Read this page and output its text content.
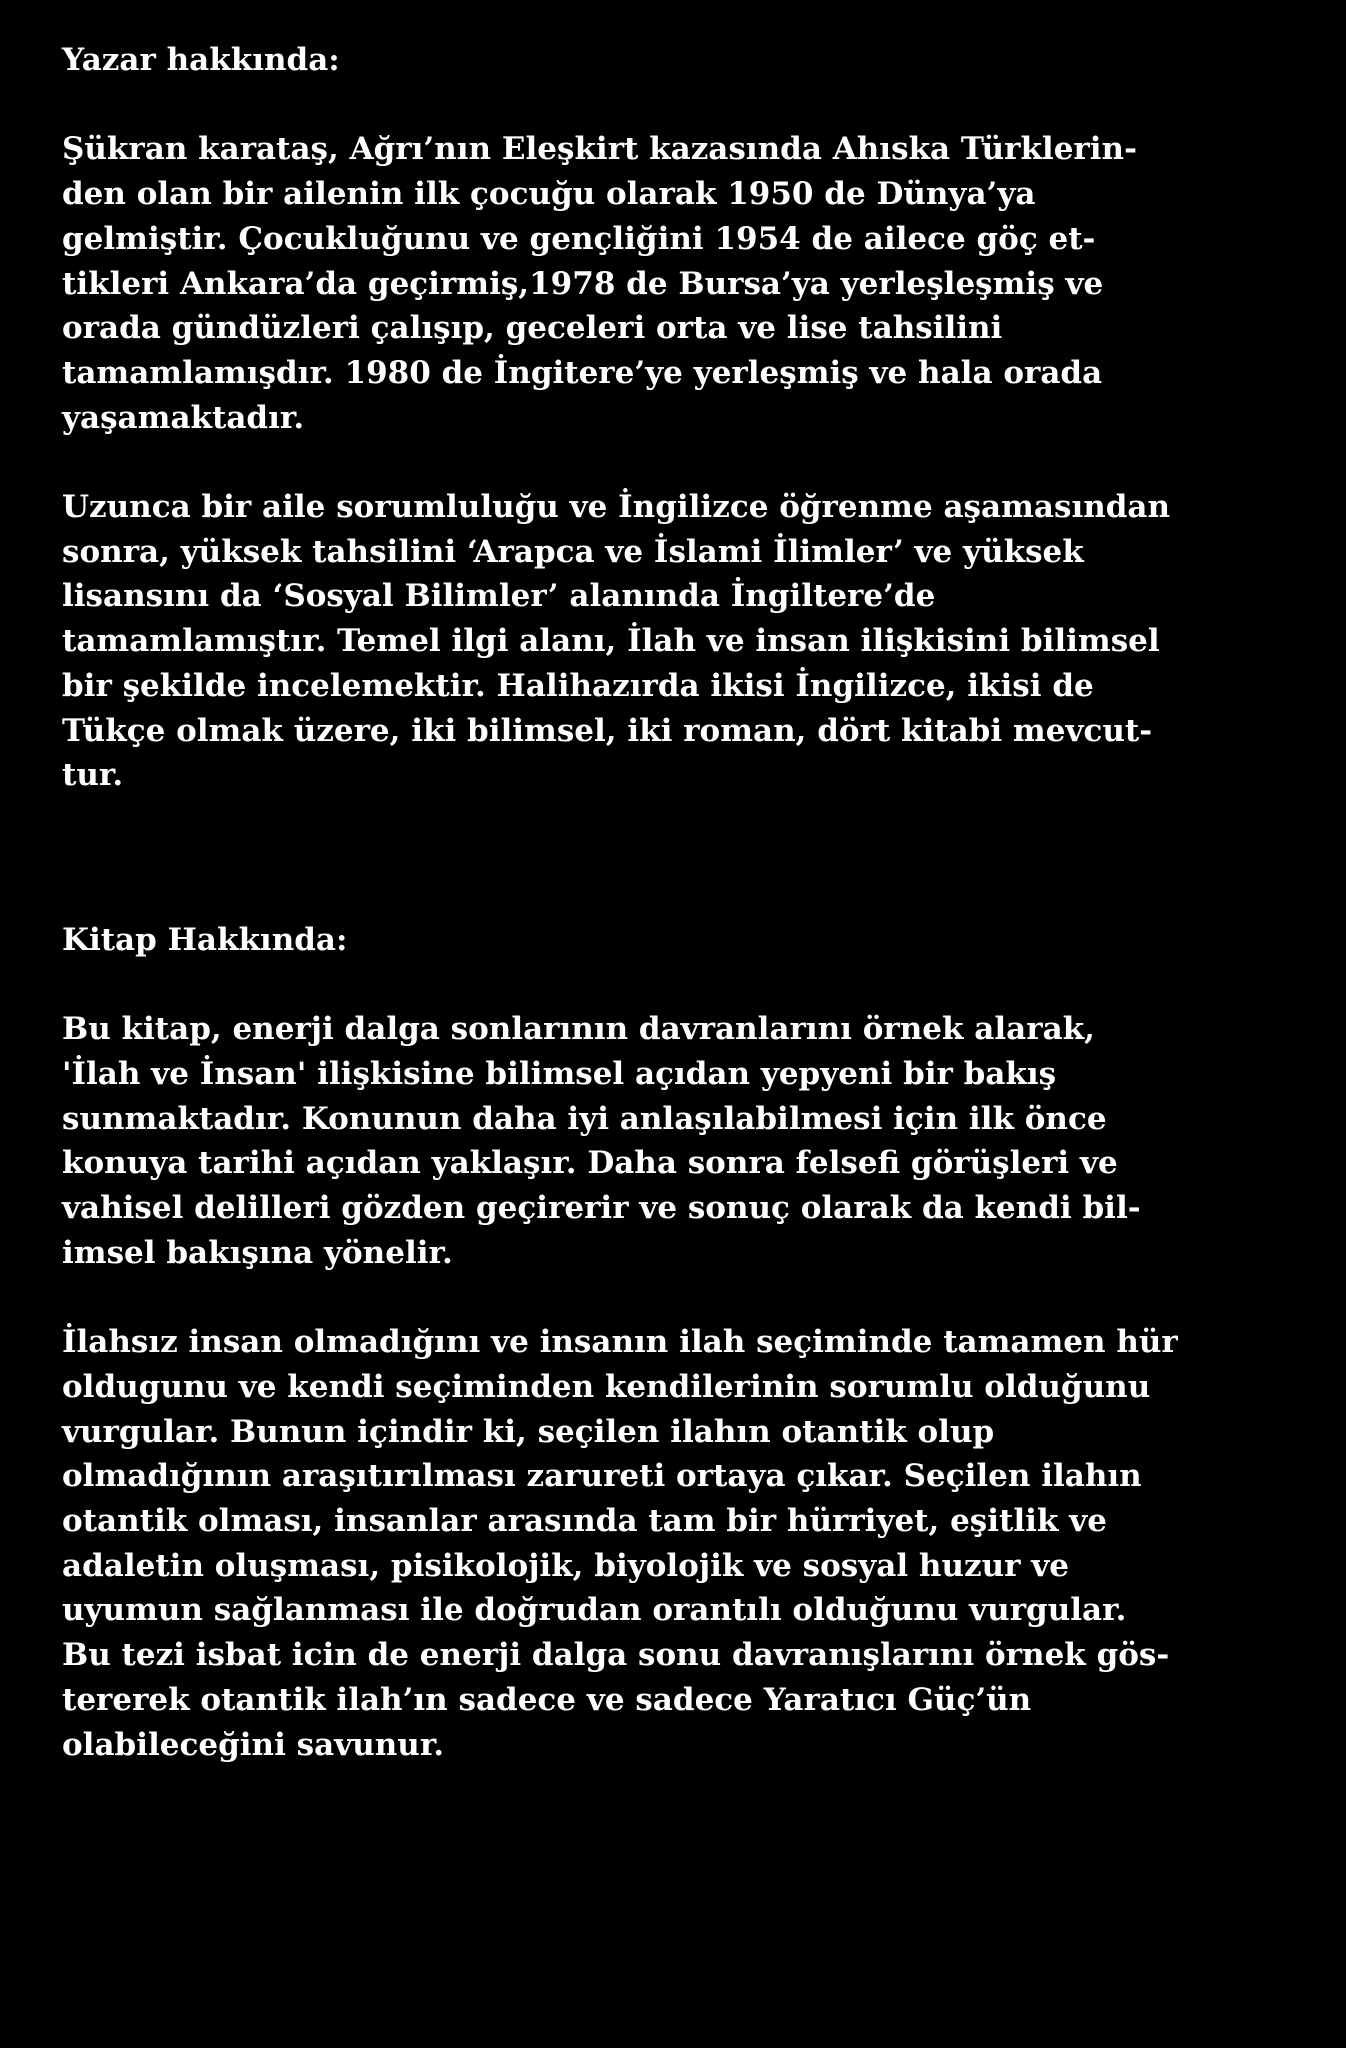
Yazar hakkında:
Şükran karataş, Ağrı’nın Eleşkirt kazasında Ahıska Türklerin-
den olan bir ailenin ilk çocuğu olarak 1950 de Dünya’ya
gelmiştir. Çocukluğunu ve gençliğini 1954 de ailece göç et-
tikleri Ankara’da geçirmiş,1978 de Bursa’ya yerleşleşmiş ve
orada gündüzleri çalışıp, geceleri orta ve lise tahsilini
tamamlamışdır. 1980 de İngitere’ye yerleşmiş ve hala orada
yaşamaktadır.
Uzunca bir aile sorumluluğu ve İngilizce öğrenme aşamasından
sonra, yüksek tahsilini ‘Arapca ve İslami İlimler’ ve yüksek
lisansını da ‘Sosyal Bilimler’ alanında İngiltere’de
tamamlamıştır. Temel ilgi alanı, İlah ve insan ilişkisini bilimsel
bir şekilde incelemektir. Halihazırda ikisi İngilizce, ikisi de
Tükçe olmak üzere, iki bilimsel, iki roman, dört kitabi mevcut-
tur.
Kitap Hakkında:
Bu kitap, enerji dalga sonlarının davranlarını örnek alarak,
'İlah ve İnsan' ilişkisine bilimsel açıdan yepyeni bir bakış
sunmaktadır. Konunun daha iyi anlaşılabilmesi için ilk önce
konuya tarihi açıdan yaklaşır. Daha sonra felsefi görüşleri ve
vahisel delilleri gözden geçirerir ve sonuç olarak da kendi bil-
imsel bakışına yönelir.
İlahsız insan olmadığını ve insanın ilah seçiminde tamamen hür
oldugunu ve kendi seçiminden kendilerinin sorumlu olduğunu
vurgular. Bunun içindir ki, seçilen ilahın otantik olup
olmadığının araşıtırılması zarureti ortaya çıkar. Seçilen ilahın
otantik olması, insanlar arasında tam bir hürriyet, eşitlik ve
adaletin oluşması, pisikolojik, biyolojik ve sosyal huzur ve
uyumun sağlanması ile doğrudan orantılı olduğunu vurgular.
Bu tezi isbat icin de enerji dalga sonu davranışlarını örnek gös-
tererek otantik ilah’ın sadece ve sadece Yaratıcı Güç’ün
olabileceğini savunur.
